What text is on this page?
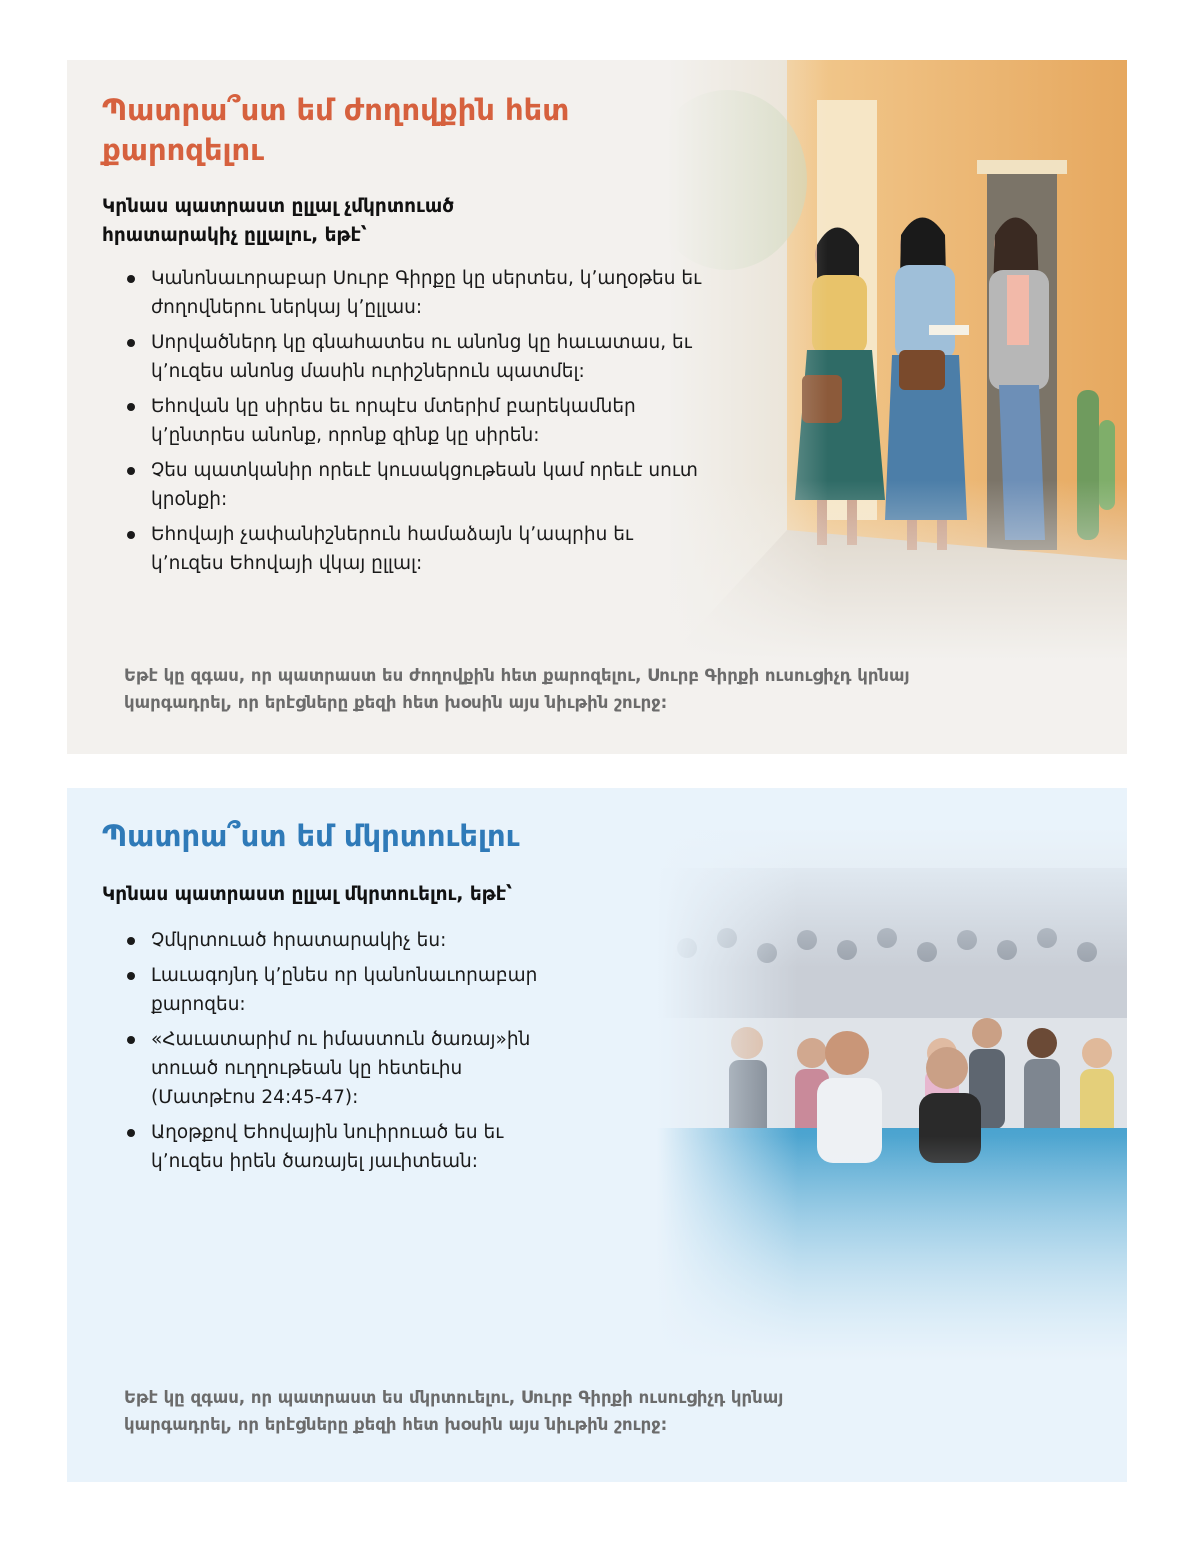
Պատրա՞ստ եմ ժողովքին հետ քարոզելու

Կրնաս պատրաստ ըլլալ չմկրտուած հրատարակիչ ըլլալու, եթէ՝

Կանոնաւորաբար Սուրբ Գիրքը կը սերտես, կ՚աղօթես եւ ժողովներու ներկայ կ՚ըլլաս:
Սորվածներդ կը գնահատես ու անոնց կը հաւատաս, եւ կ՚ուզես անոնց մասին ուրիշներուն պատմել:
Եհովան կը սիրես եւ որպէս մտերիմ բարեկամներ կ՚ընտրես անոնք, որոնք զինք կը սիրեն:
Չես պատկանիր որեւէ կուսակցութեան կամ որեւէ սուտ կրօնքի:
Եհովայի չափանիշներուն համաձայն կ՚ապրիս եւ կ՚ուզես Եհովայի վկայ ըլլալ:

Եթէ կը զգաս, որ պատրաստ ես ժողովքին հետ քարոզելու, Սուրբ Գիրքի ուսուցիչդ կրնայ կարգադրել, որ երէցները քեզի հետ խօսին այս նիւթին շուրջ:

Պատրա՞ստ եմ մկրտուելու

Կրնաս պատրաստ ըլլալ մկրտուելու, եթէ՝

Չմկրտուած հրատարակիչ ես:
Լաւագոյնդ կ՚ընես որ կանոնաւորաբար քարոզես:
«Հաւատարիմ ու իմաստուն ծառայ»ին տուած ուղղութեան կը հետեւիս (Մատթէոս 24:45-47):
Աղօթքով Եհովային նուիրուած ես եւ կ՚ուզես իրեն ծառայել յաւիտեան:

Եթէ կը զգաս, որ պատրաստ ես մկրտուելու, Սուրբ Գիրքի ուսուցիչդ կրնայ կարգադրել, որ երէցները քեզի հետ խօսին այս նիւթին շուրջ:
